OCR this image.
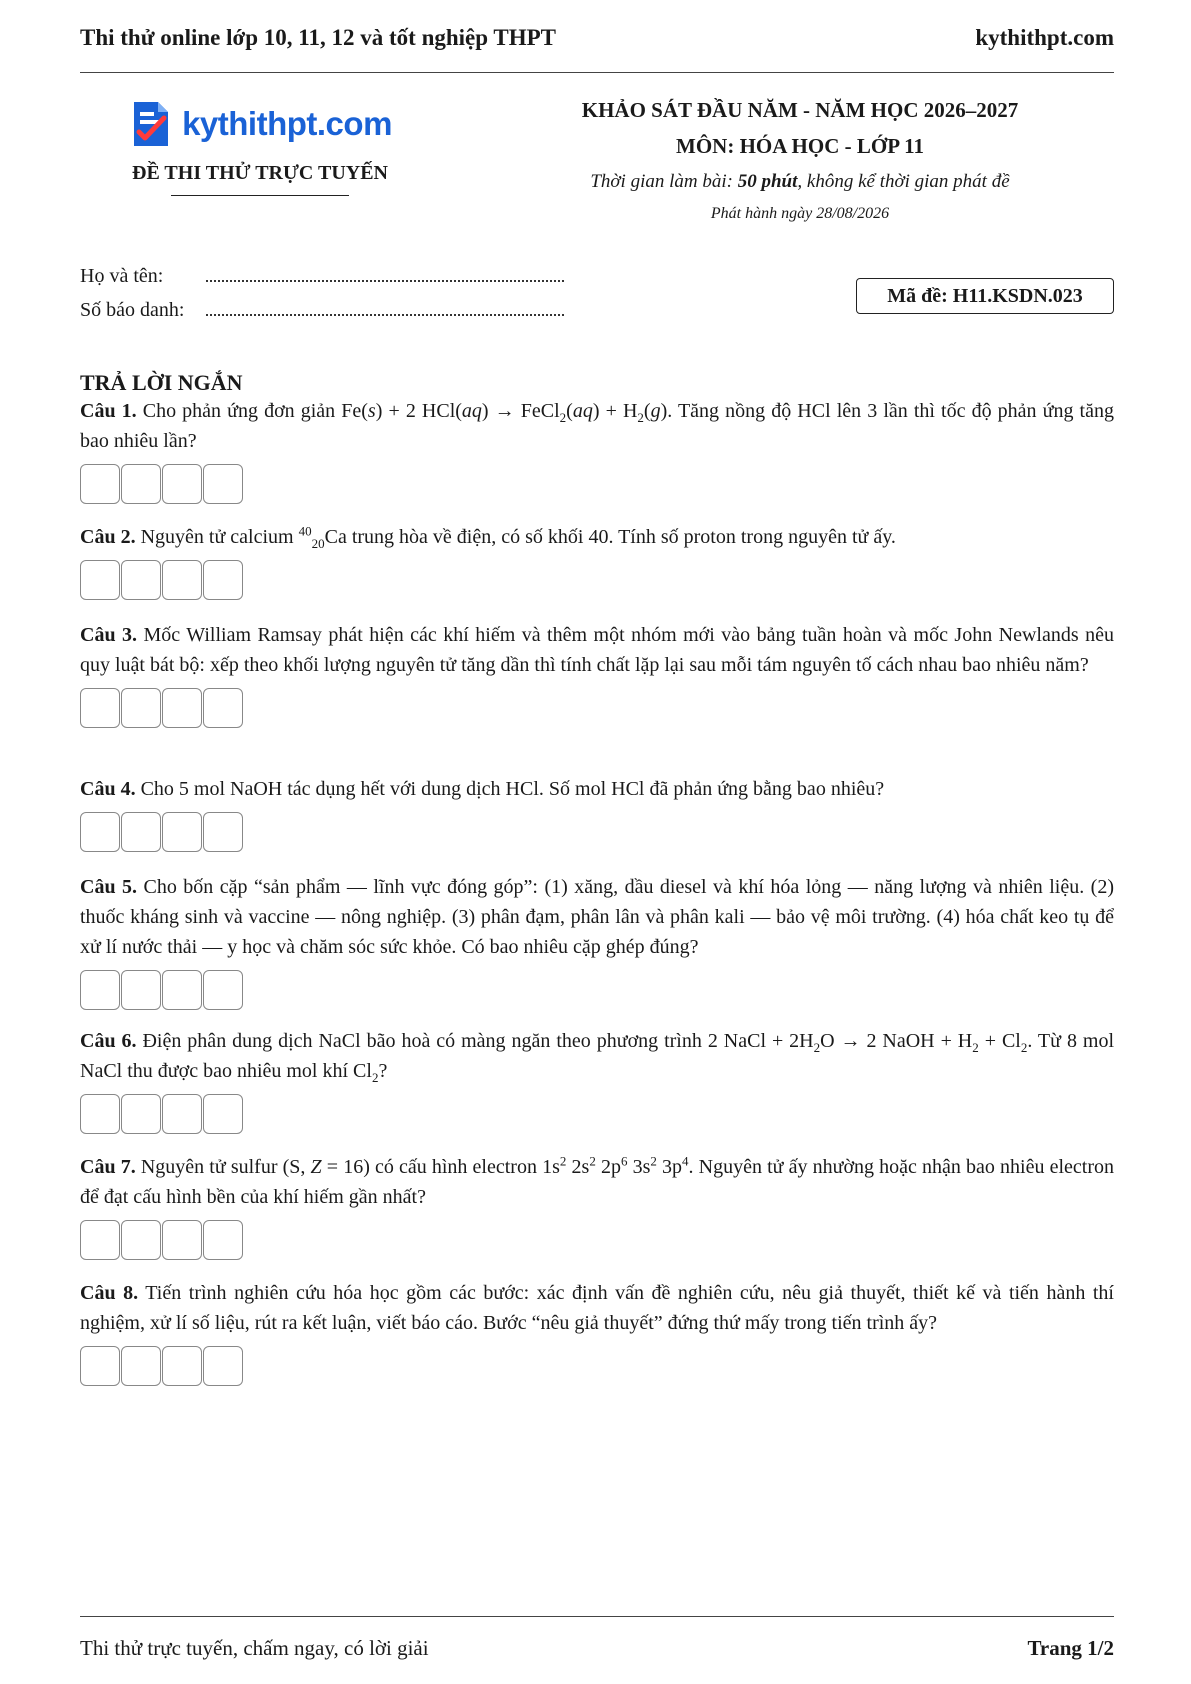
Thi thử online lớp 10, 11, 12 và tốt nghiệp THPT	kythithpt.com
kythithpt.com
ĐỀ THI THỬ TRỰC TUYẾN
KHẢO SÁT ĐẦU NĂM - NĂM HỌC 2026–2027
MÔN: HÓA HỌC - LỚP 11
Thời gian làm bài: 50 phút, không kể thời gian phát đề
Phát hành ngày 28/08/2026
Họ và tên:
Số báo danh:
Mã đề: H11.KSDN.023
TRẢ LỜI NGẮN
Câu 1. Cho phản ứng đơn giản Fe(s) + 2 HCl(aq) → FeCl$_2$(aq) + $H_2(g)$. Tăng nồng độ HCl lên 3 lần thì tốc độ phản ứng tăng bao nhiêu lần?
Câu 2. Nguyên tử calcium $^{40}_{20}$Ca trung hòa về điện, có số khối 40. Tính số proton trong nguyên tử ấy.
Câu 3. Mốc William Ramsay phát hiện các khí hiếm và thêm một nhóm mới vào bảng tuần hoàn và mốc John Newlands nêu quy luật bát bộ: xếp theo khối lượng nguyên tử tăng dần thì tính chất lặp lại sau mỗi tám nguyên tố cách nhau bao nhiêu năm?
Câu 4. Cho 5 mol NaOH tác dụng hết với dung dịch HCl. Số mol HCl đã phản ứng bằng bao nhiêu?
Câu 5. Cho bốn cặp “sản phẩm — lĩnh vực đóng góp”: (1) xăng, dầu diesel và khí hóa lỏng — năng lượng và nhiên liệu. (2) thuốc kháng sinh và vaccine — nông nghiệp. (3) phân đạm, phân lân và phân kali — bảo vệ môi trường. (4) hóa chất keo tụ để xử lí nước thải — y học và chăm sóc sức khỏe. Có bao nhiêu cặp ghép đúng?
Câu 6. Điện phân dung dịch NaCl bão hoà có màng ngăn theo phương trình 2 NaCl + $2H_2O \to 2$ NaOH + $H_2 + Cl_2$. Từ 8 mol NaCl thu được bao nhiêu mol khí $Cl_2$?
Câu 7. Nguyên tử sulfur (S, Z = 16) có cấu hình electron $1s^2$ $2s^2$ $2p^6$ $3s^2$ $3p^4$. Nguyên tử ấy nhường hoặc nhận bao nhiêu electron để đạt cấu hình bền của khí hiếm gần nhất?
Câu 8. Tiến trình nghiên cứu hóa học gồm các bước: xác định vấn đề nghiên cứu, nêu giả thuyết, thiết kế và tiến hành thí nghiệm, xử lí số liệu, rút ra kết luận, viết báo cáo. Bước “nêu giả thuyết” đứng thứ mấy trong tiến trình ấy?
Thi thử trực tuyến, chấm ngay, có lời giải	Trang 1/2
